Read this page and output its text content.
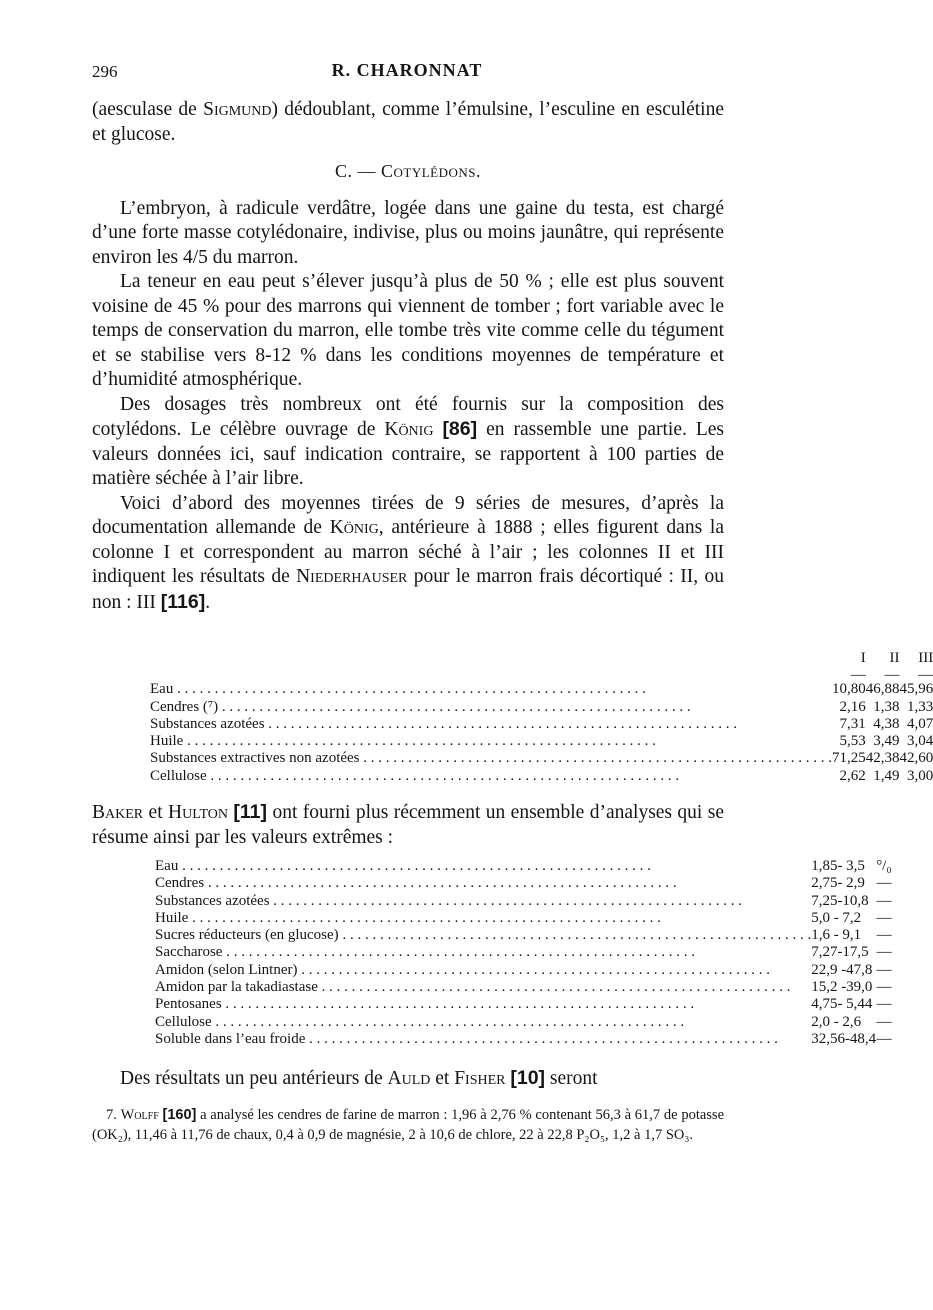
296	R. CHARONNAT

(aesculase de Sigmund) dédoublant, comme l’émulsine, l’esculine en esculétine et glucose.

C. — Cotylédons.

L’embryon, à radicule verdâtre, logée dans une gaine du testa, est chargé d’une forte masse cotylédonaire, indivise, plus ou moins jaunâtre, qui représente environ les 4/5 du marron.

La teneur en eau peut s’élever jusqu’à plus de 50 % ; elle est plus souvent voisine de 45 % pour des marrons qui viennent de tomber ; fort variable avec le temps de conservation du marron, elle tombe très vite comme celle du tégument et se stabilise vers 8-12 % dans les conditions moyennes de température et d’humidité atmosphérique.

Des dosages très nombreux ont été fournis sur la composition des cotylédons. Le célèbre ouvrage de König [86] en rassemble une partie. Les valeurs données ici, sauf indication contraire, se rapportent à 100 parties de matière séchée à l’air libre.

Voici d’abord des moyennes tirées de 9 séries de mesures, d’après la documentation allemande de König, antérieure à 1888 ; elles figurent dans la colonne I et correspondent au marron séché à l’air ; les colonnes II et III indiquent les résultats de Niederhauser pour le marron frais décortiqué : II, ou non : III [116].

	I	II	III
	—	—	—
Eau . . .	10,80	46,88	45,96
Cendres (⁷) . . .	2,16	1,38	1,33
Substances azotées . . .	7,31	4,38	4,07
Huile . . .	5,53	3,49	3,04
Substances extractives non azotées . . .	71,25	42,38	42,60
Cellulose . . .	2,62	1,49	3,00

Baker et Hulton [11] ont fourni plus récemment un ensemble d’analyses qui se résume ainsi par les valeurs extrêmes :

Eau . . .	1,85- 3,5	°/₀
Cendres . . .	2,75- 2,9	—
Substances azotées . . .	7,25-10,8	—
Huile . . .	5,0 - 7,2	—
Sucres réducteurs (en glucose) . . .	1,6 - 9,1	—
Saccharose . . .	7,27-17,5	—
Amidon (selon Lintner) . . .	22,9 -47,8	—
Amidon par la takadiastase . . .	15,2 -39,0	—
Pentosanes . . .	4,75- 5,44	—
Cellulose . . .	2,0 - 2,6	—
Soluble dans l’eau froide . . .	32,56-48,4	—

Des résultats un peu antérieurs de Auld et Fisher [10] seront

7. Wolff [160] a analysé les cendres de farine de marron : 1,96 à 2,76 % contenant 56,3 à 61,7 de potasse (OK₂), 11,46 à 11,76 de chaux, 0,4 à 0,9 de magnésie, 2 à 10,6 de chlore, 22 à 22,8 P₂O₅, 1,2 à 1,7 SO₃.
